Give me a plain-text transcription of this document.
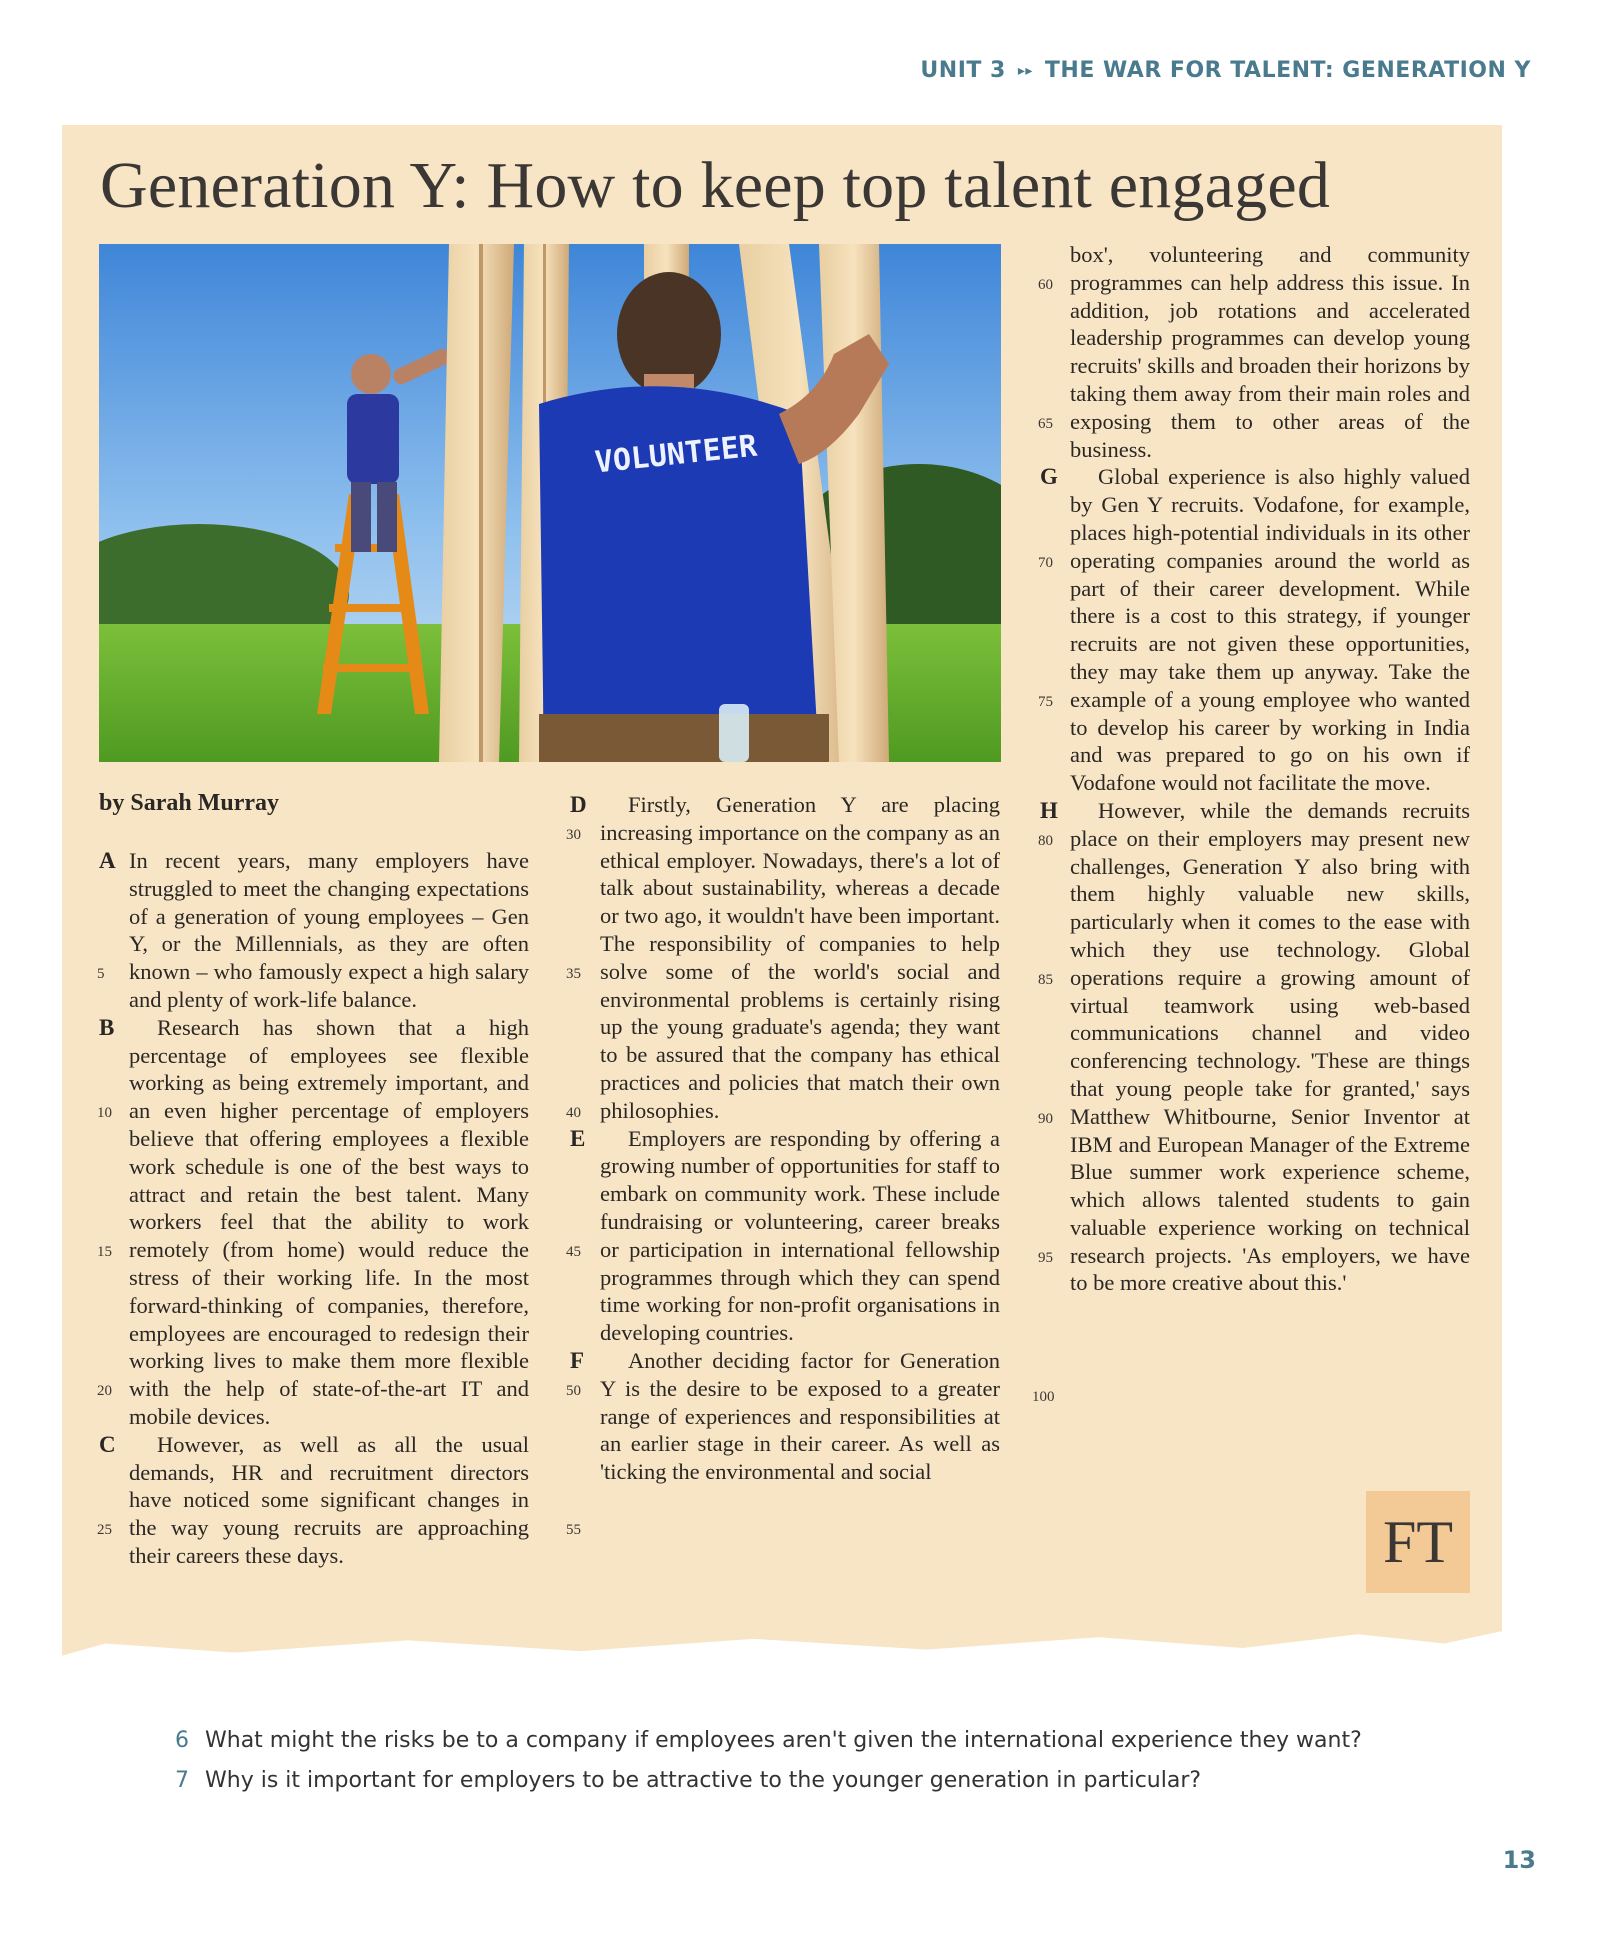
UNIT 3 ▸▸ THE WAR FOR TALENT: GENERATION Y
Generation Y: How to keep top talent engaged
VOLUNTEER
by Sarah Murray

A In recent years, many employers have struggled to meet the changing expectations of a generation of young employees – Gen Y, or the Millennials, as they are often known – who famously expect a high salary and plenty of work-life balance.

B	Research has shown that a high percentage of employees see flexible working as being extremely important, and an even higher percentage of employers believe that offering employees a flexible work schedule is one of the best ways to attract and retain the best talent. Many workers feel that the ability to work remotely (from home) would reduce the stress of their working life. In the most forward-thinking of companies, therefore, employees are encouraged to redesign their working lives to make them more flexible with the help of state-of-the-art IT and mobile devices.

C	However, as well as all the usual demands, HR and recruitment directors have noticed some significant changes in the way young recruits are approaching their careers these days.

D	Firstly, Generation Y are placing increasing importance on the company as an ethical employer. Nowadays, there's a lot of talk about sustainability, whereas a decade or two ago, it wouldn't have been important. The responsibility of companies to help solve some of the world's social and environmental problems is certainly rising up the young graduate's agenda; they want to be assured that the company has ethical practices and policies that match their own philosophies.

E	Employers are responding by offering a growing number of opportunities for staff to embark on community work. These include fundraising or volunteering, career breaks or participation in international fellowship programmes through which they can spend time working for non-profit organisations in developing countries.

F	Another deciding factor for Generation Y is the desire to be exposed to a greater range of experiences and responsibilities at an earlier stage in their career. As well as 'ticking the environmental and social

box', volunteering and community programmes can help address this issue. In addition, job rotations and accelerated leadership programmes can develop young recruits' skills and broaden their horizons by taking them away from their main roles and exposing them to other areas of the business.

G	Global experience is also highly valued by Gen Y recruits. Vodafone, for example, places high-potential individuals in its other operating companies around the world as part of their career development. While there is a cost to this strategy, if younger recruits are not given these opportunities, they may take them up anyway. Take the example of a young employee who wanted to develop his career by working in India and was prepared to go on his own if Vodafone would not facilitate the move.

H	However, while the demands recruits place on their employers may present new challenges, Generation Y also bring with them highly valuable new skills, particularly when it comes to the ease with which they use technology. Global operations require a growing amount of virtual teamwork using web-based communications channel and video conferencing technology. 'These are things that young people take for granted,' says Matthew Whitbourne, Senior Inventor at IBM and European Manager of the Extreme Blue summer work experience scheme, which allows talented students to gain valuable experience working on technical research projects. 'As employers, we have to be more creative about this.'

5
10
15
20
25
30
35
40
45
50
55
60
65
70
75
80
85
90
95
100
FT
6 What might the risks be to a company if employees aren't given the international experience they want?
7 Why is it important for employers to be attractive to the younger generation in particular?
13
